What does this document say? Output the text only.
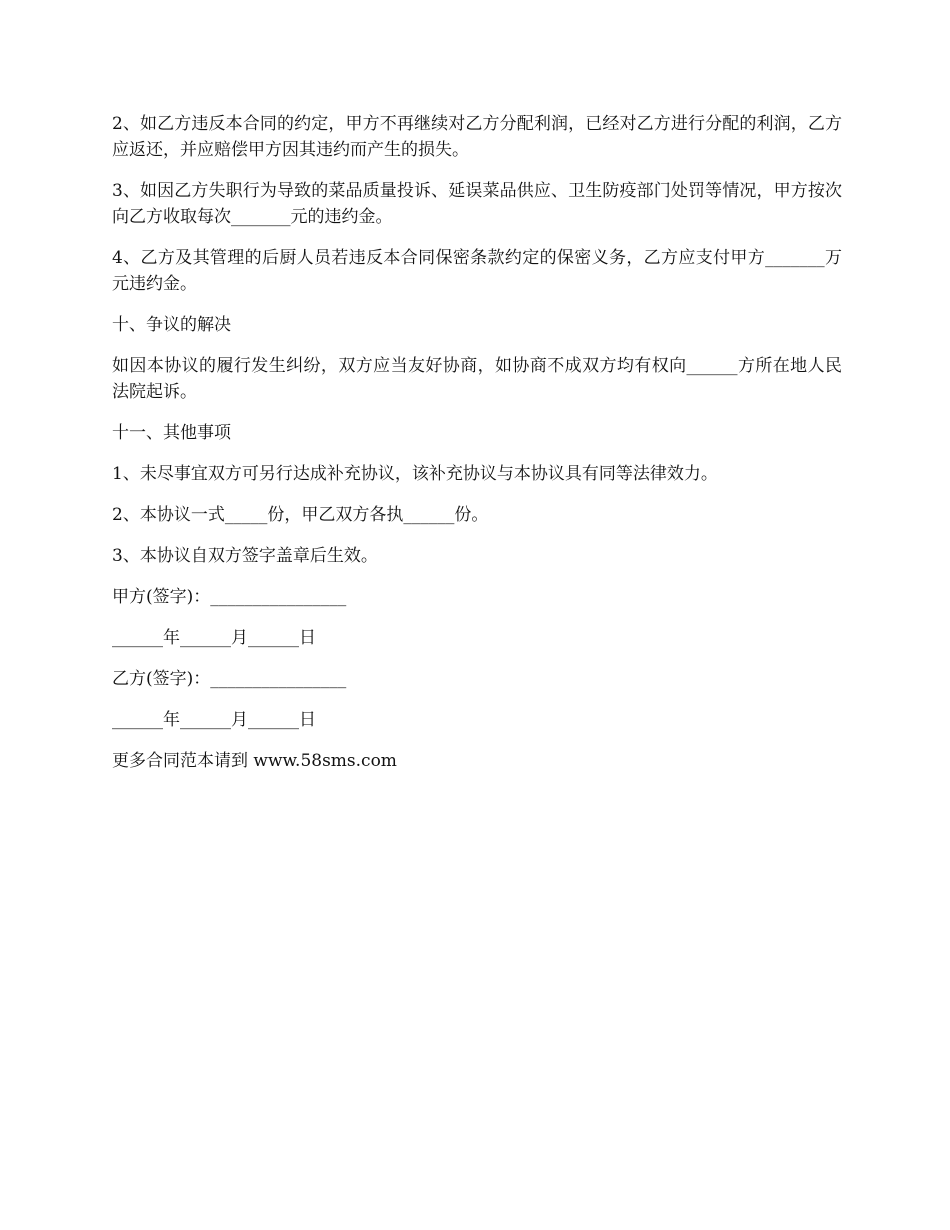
2、如乙方违反本合同的约定，甲方不再继续对乙方分配利润，已经对乙方进行分配的利润，乙方应返还，并应赔偿甲方因其违约而产生的损失。

3、如因乙方失职行为导致的菜品质量投诉、延误菜品供应、卫生防疫部门处罚等情况，甲方按次向乙方收取每次_______元的违约金。

4、乙方及其管理的后厨人员若违反本合同保密条款约定的保密义务，乙方应支付甲方_______万元违约金。

十、争议的解决

如因本协议的履行发生纠纷，双方应当友好协商，如协商不成双方均有权向______方所在地人民法院起诉。

十一、其他事项

1、未尽事宜双方可另行达成补充协议，该补充协议与本协议具有同等法律效力。

2、本协议一式_____份，甲乙双方各执______份。

3、本协议自双方签字盖章后生效。

甲方(签字)：________________

______年______月______日

乙方(签字)：________________

______年______月______日

更多合同范本请到 www.58sms.com
